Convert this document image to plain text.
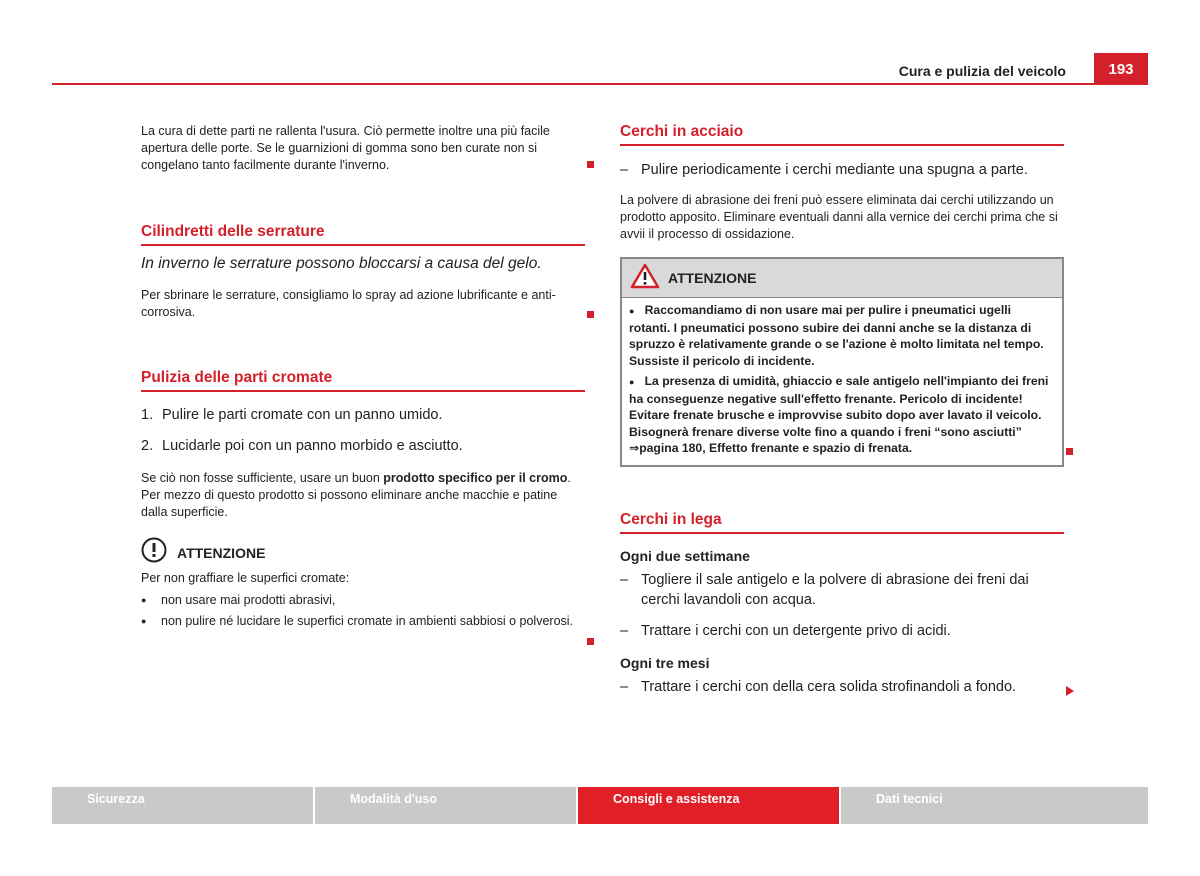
Cura e pulizia del veicolo	193

La cura di dette parti ne rallenta l'usura. Ciò permette inoltre una più facile apertura delle porte. Se le guarnizioni di gomma sono ben curate non si congelano tanto facilmente durante l'inverno.

Cilindretti delle serrature

In inverno le serrature possono bloccarsi a causa del gelo.

Per sbrinare le serrature, consigliamo lo spray ad azione lubrificante e anti-corrosiva.

Pulizia delle parti cromate

1. Pulire le parti cromate con un panno umido.

2. Lucidarle poi con un panno morbido e asciutto.

Se ciò non fosse sufficiente, usare un buon prodotto specifico per il cromo. Per mezzo di questo prodotto si possono eliminare anche macchie e patine dalla superficie.

ATTENZIONE

Per non graffiare le superfici cromate:

●	non usare mai prodotti abrasivi,

●	non pulire né lucidare le superfici cromate in ambienti sabbiosi o polverosi.

Cerchi in acciaio

– Pulire periodicamente i cerchi mediante una spugna a parte.

La polvere di abrasione dei freni può essere eliminata dai cerchi utilizzando un prodotto apposito. Eliminare eventuali danni alla vernice dei cerchi prima che si avvii il processo di ossidazione.

ATTENZIONE

● Raccomandiamo di non usare mai per pulire i pneumatici ugelli rotanti. I pneumatici possono subire dei danni anche se la distanza di spruzzo è relativamente grande o se l'azione è molto limitata nel tempo. Sussiste il pericolo di incidente.

● La presenza di umidità, ghiaccio e sale antigelo nell'impianto dei freni ha conseguenze negative sull'effetto frenante. Pericolo di incidente! Evitare frenate brusche e improvvise subito dopo aver lavato il veicolo. Bisognerà frenare diverse volte fino a quando i freni “sono asciutti” ⇒pagina 180, Effetto frenante e spazio di frenata.

Cerchi in lega

Ogni due settimane

– Togliere il sale antigelo e la polvere di abrasione dei freni dai cerchi lavandoli con acqua.

– Trattare i cerchi con un detergente privo di acidi.

Ogni tre mesi

– Trattare i cerchi con della cera solida strofinandoli a fondo.

Sicurezza	Modalità d'uso	Consigli e assistenza	Dati tecnici
